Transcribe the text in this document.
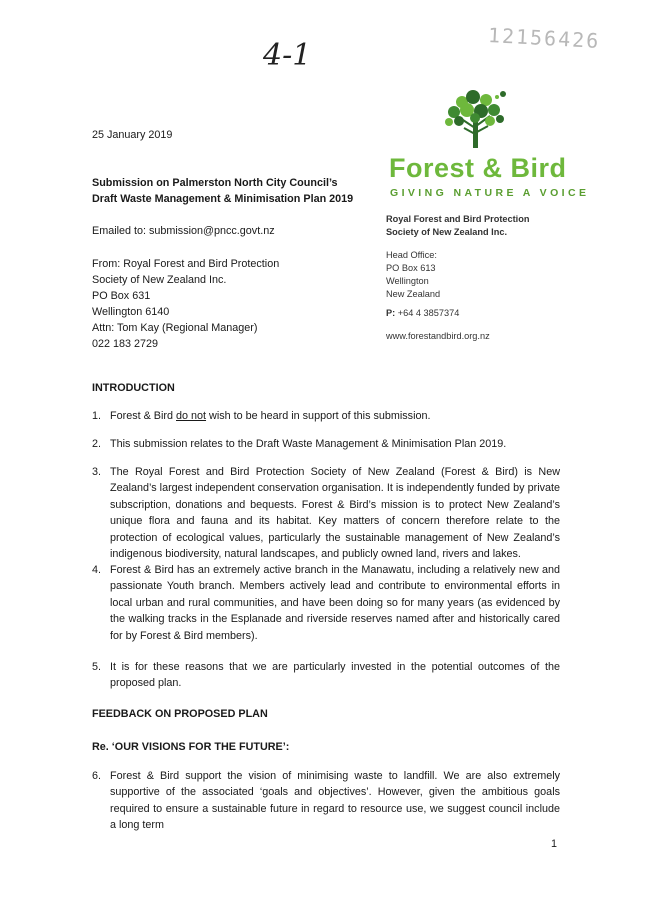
4-1	12156426
Forest & Bird
GIVING NATURE A VOICE
Royal Forest and Bird Protection
Society of New Zealand Inc.
Head Office:
PO Box 613
Wellington
New Zealand
P: +64 4 3857374
www.forestandbird.org.nz
25 January 2019
Submission on Palmerston North City Council’s
Draft Waste Management & Minimisation Plan 2019
Emailed to: submission@pncc.govt.nz
From: Royal Forest and Bird Protection
Society of New Zealand Inc.
PO Box 631
Wellington 6140
Attn: Tom Kay (Regional Manager)
022 183 2729
INTRODUCTION
FEEDBACK ON PROPOSED PLAN
Re. ‘OUR VISIONS FOR THE FUTURE’:
1. Forest & Bird do not wish to be heard in support of this submission.
2. This submission relates to the Draft Waste Management & Minimisation Plan 2019.
3. The Royal Forest and Bird Protection Society of New Zealand (Forest & Bird) is New Zealand’s largest independent conservation organisation. It is independently funded by private subscription, donations and bequests. Forest & Bird’s mission is to protect New Zealand’s unique flora and fauna and its habitat. Key matters of concern therefore relate to the protection of ecological values, particularly the sustainable management of New Zealand’s indigenous biodiversity, natural landscapes, and publicly owned land, rivers and lakes.
4. Forest & Bird has an extremely active branch in the Manawatu, including a relatively new and passionate Youth branch. Members actively lead and contribute to environmental efforts in local urban and rural communities, and have been doing so for many years (as evidenced by the walking tracks in the Esplanade and riverside reserves named after and historically cared for by Forest & Bird members).
5. It is for these reasons that we are particularly invested in the potential outcomes of the proposed plan.
6. Forest & Bird support the vision of minimising waste to landfill. We are also extremely supportive of the associated ‘goals and objectives’. However, given the ambitious goals required to ensure a sustainable future in regard to resource use, we suggest council include a long term
1
